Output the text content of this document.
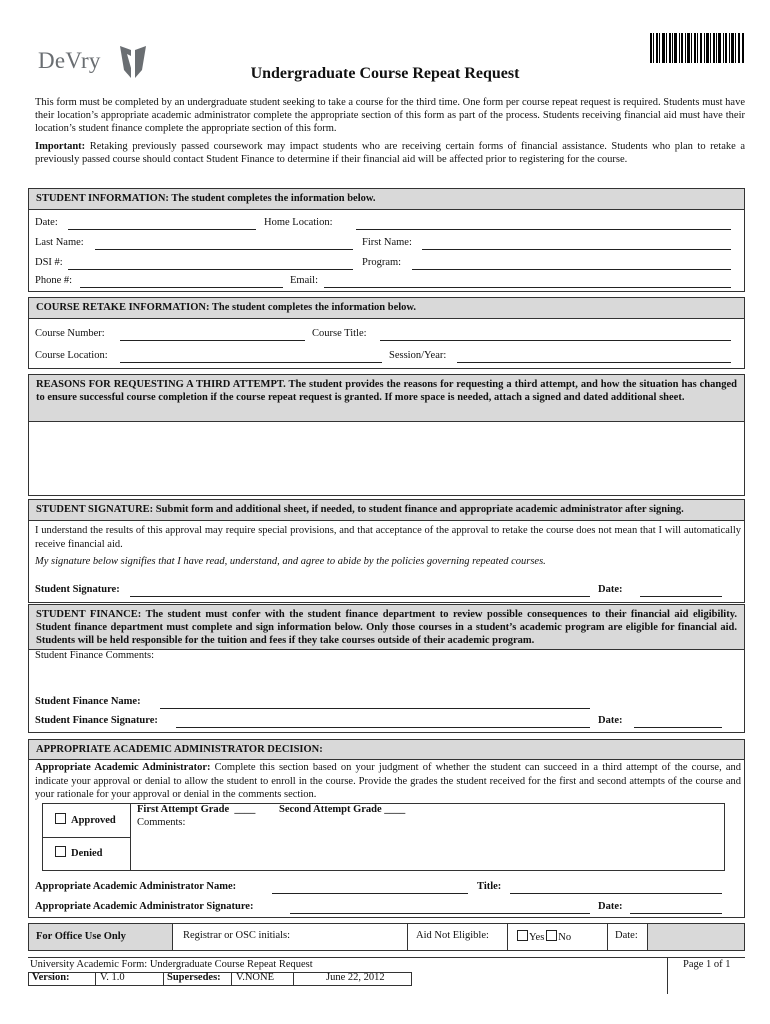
DeVry
Undergraduate Course Repeat Request

This form must be completed by an undergraduate student seeking to take a course for the third time. One form per course repeat request is required. Students must have their location’s appropriate academic administrator complete the appropriate section of this form as part of the process. Students receiving financial aid must have their location’s student finance complete the appropriate section of this form.

Important: Retaking previously passed coursework may impact students who are receiving certain forms of financial assistance. Students who plan to retake a previously passed course should contact Student Finance to determine if their financial aid will be affected prior to registering for the course.

STUDENT INFORMATION: The student completes the information below.
Date:	Home Location:
Last Name:	First Name:
DSI #:	Program:
Phone #:	Email:
COURSE RETAKE INFORMATION: The student completes the information below.
Course Number:	Course Title:
Course Location:	Session/Year:
REASONS FOR REQUESTING A THIRD ATTEMPT. The student provides the reasons for requesting a third attempt, and how the situation has changed to ensure successful course completion if the course repeat request is granted. If more space is needed, attach a signed and dated additional sheet.
STUDENT SIGNATURE: Submit form and additional sheet, if needed, to student finance and appropriate academic administrator after signing.
I understand the results of this approval may require special provisions, and that acceptance of the approval to retake the course does not mean that I will automatically receive financial aid.
My signature below signifies that I have read, understand, and agree to abide by the policies governing repeated courses.
Student Signature:	Date:
STUDENT FINANCE: The student must confer with the student finance department to review possible consequences to their financial aid eligibility. Student finance department must complete and sign information below. Only those courses in a student’s academic program are eligible for financial aid. Students will be held responsible for the tuition and fees if they take courses outside of their academic program.
Student Finance Comments:
Student Finance Name:
Student Finance Signature:	Date:
APPROPRIATE ACADEMIC ADMINISTRATOR DECISION:
Appropriate Academic Administrator: Complete this section based on your judgment of whether the student can succeed in a third attempt of the course, and indicate your approval or denial to allow the student to enroll in the course. Provide the grades the student received for the first and second attempts of the course and your rationale for your approval or denial in the comments section.
Approved
Denied
First Attempt Grade ____ Second Attempt Grade ____
Comments:
Appropriate Academic Administrator Name:	Title:
Appropriate Academic Administrator Signature:	Date:
For Office Use Only	Registrar or OSC initials:	Aid Not Eligible:	Yes No	Date:
University Academic Form: Undergraduate Course Repeat Request	Page 1 of 1
Version:	V. 1.0	Supersedes: V.NONE	June 22, 2012
